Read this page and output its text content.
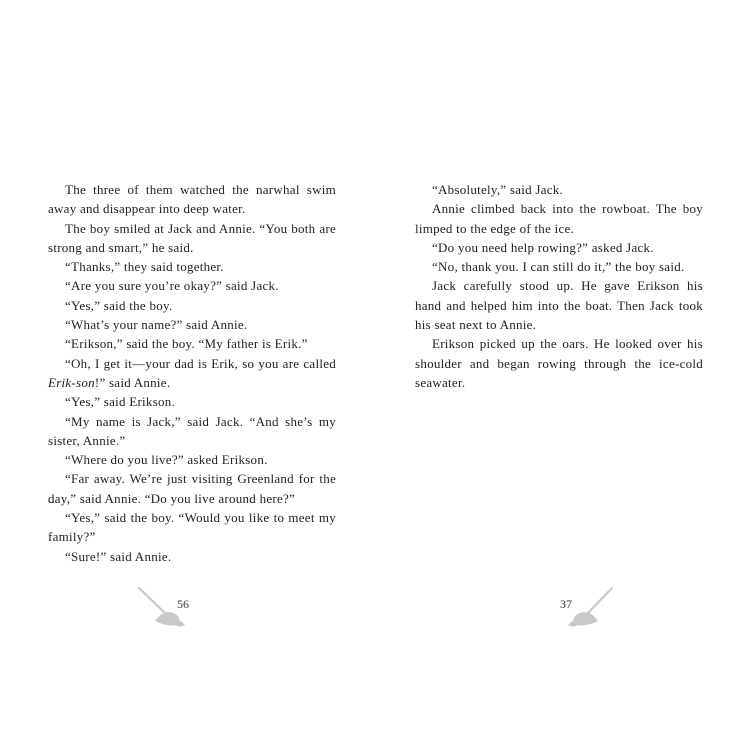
The three of them watched the narwhal swim away and disappear into deep water.

The boy smiled at Jack and Annie. “You both are strong and smart,” he said.

“Thanks,” they said together.

“Are you sure you’re okay?” said Jack.

“Yes,” said the boy.

“What’s your name?” said Annie.

“Erikson,” said the boy. “My father is Erik.”

“Oh, I get it—your dad is Erik, so you are called Erik-son!” said Annie.

“Yes,” said Erikson.

“My name is Jack,” said Jack. “And she’s my sister, Annie.”

“Where do you live?” asked Erikson.

“Far away. We’re just visiting Greenland for the day,” said Annie. “Do you live around here?”

“Yes,” said the boy. “Would you like to meet my family?”

“Sure!” said Annie.

“Absolutely,” said Jack.

Annie climbed back into the rowboat. The boy limped to the edge of the ice.

“Do you need help rowing?” asked Jack.

“No, thank you. I can still do it,” the boy said.

Jack carefully stood up. He gave Erikson his hand and helped him into the boat. Then Jack took his seat next to Annie.

Erikson picked up the oars. He looked over his shoulder and began rowing through the ice-cold seawater.

56	37
